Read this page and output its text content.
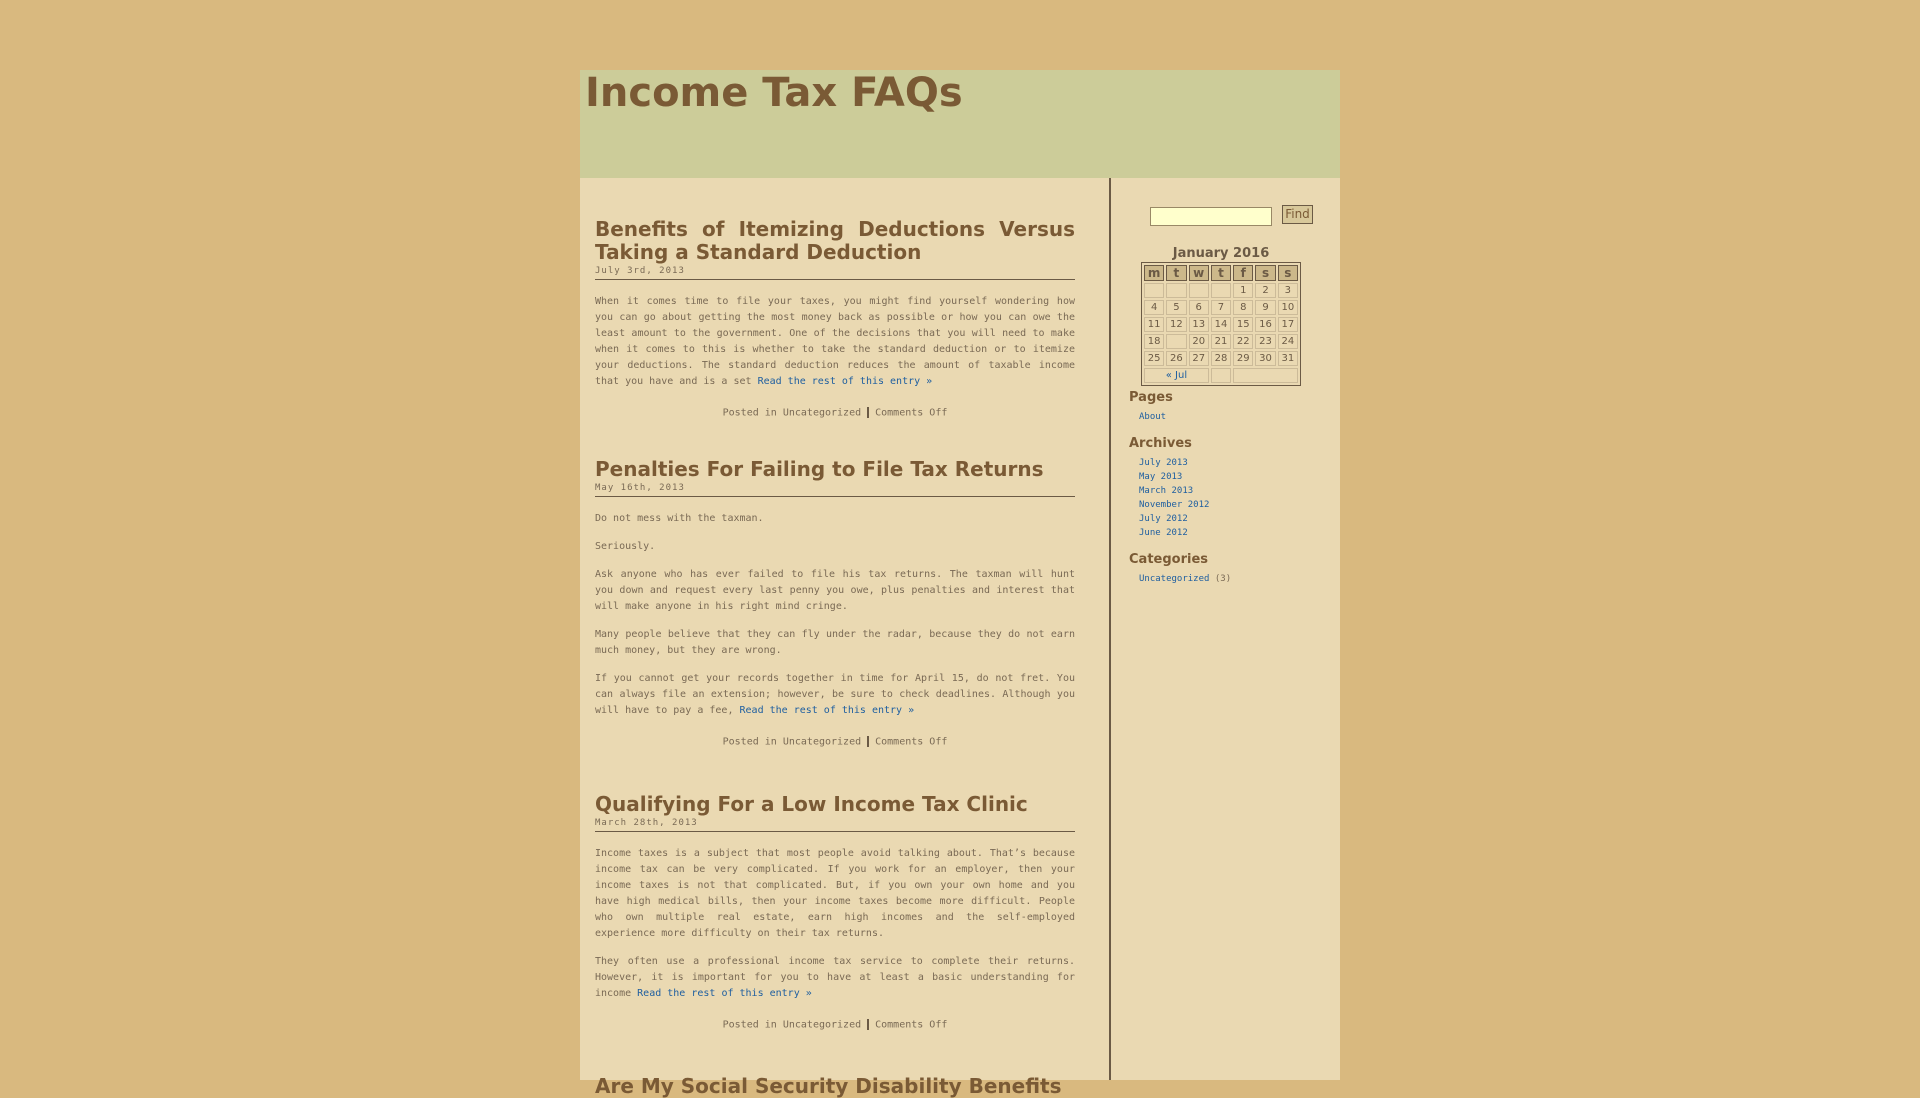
Income Tax FAQs
Benefits of Itemizing Deductions Versus Taking a Standard Deduction
July 3rd, 2013

When it comes time to file your taxes, you might find yourself wondering how you can go about getting the most money back as possible or how you can owe the least amount to the government. One of the decisions that you will need to make when it comes to this is whether to take the standard deduction or to itemize your deductions. The standard deduction reduces the amount of taxable income that you have and is a set Read the rest of this entry »

Posted in Uncategorized Comments Off
Penalties For Failing to File Tax Returns
May 16th, 2013

Do not mess with the taxman.

Seriously.

Ask anyone who has ever failed to file his tax returns. The taxman will hunt you down and request every last penny you owe, plus penalties and interest that will make anyone in his right mind cringe.

Many people believe that they can fly under the radar, because they do not earn much money, but they are wrong.

If you cannot get your records together in time for April 15, do not fret. You can always file an extension; however, be sure to check deadlines. Although you will have to pay a fee, Read the rest of this entry »

Posted in Uncategorized Comments Off
Qualifying For a Low Income Tax Clinic
March 28th, 2013

Income taxes is a subject that most people avoid talking about. That’s because income tax can be very complicated. If you work for an employer, then your income taxes is not that complicated. But, if you own your own home and you have high medical bills, then your income taxes become more difficult. People who own multiple real estate, earn high incomes and the self-employed experience more difficulty on their tax returns.

They often use a professional income tax service to complete their returns. However, it is important for you to have at least a basic understanding for income Read the rest of this entry »

Posted in Uncategorized Comments Off
Are My Social Security Disability Benefits
Find
January 2016
m	t	w	t	f	s	s
				1	2	3
4	5	6	7	8	9	10
11	12	13	14	15	16	17
18		20	21	22	23	24
25	26	27	28	29	30	31
« Jul						
Pages
About
Archives
July 2013
May 2013
March 2013
November 2012
July 2012
June 2012
Categories
Uncategorized (3)
